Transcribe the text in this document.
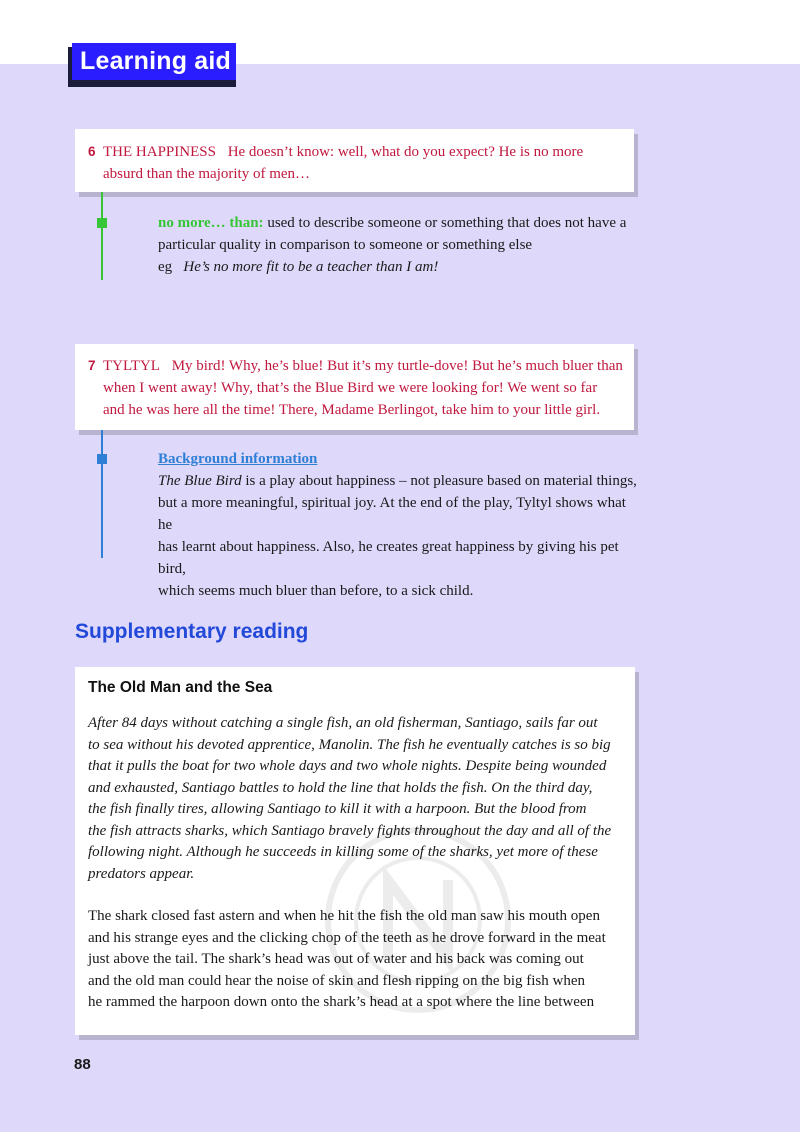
Learning aid
6 THE HAPPINESS He doesn’t know: well, what do you expect? He is no more
absurd than the majority of men…
no more… than: used to describe someone or something that does not have a
particular quality in comparison to someone or something else
eg He’s no more fit to be a teacher than I am!
7 TYLTYL My bird! Why, he’s blue! But it’s my turtle-dove! But he’s much bluer than
when I went away! Why, that’s the Blue Bird we were looking for! We went so far
and he was here all the time! There, Madame Berlingot, take him to your little girl.
Background information
The Blue Bird is a play about happiness – not pleasure based on material things,
but a more meaningful, spiritual joy. At the end of the play, Tyltyl shows what he
has learnt about happiness. Also, he creates great happiness by giving his pet bird,
which seems much bluer than before, to a sick child.
Supplementary reading
The Old Man and the Sea
After 84 days without catching a single fish, an old fisherman, Santiago, sails far out
to sea without his devoted apprentice, Manolin. The fish he eventually catches is so big
that it pulls the boat for two whole days and two whole nights. Despite being wounded
and exhausted, Santiago battles to hold the line that holds the fish. On the third day,
the fish finally tires, allowing Santiago to kill it with a harpoon. But the blood from
the fish attracts sharks, which Santiago bravely fights throughout the day and all of the
following night. Although he succeeds in killing some of the sharks, yet more of these
predators appear.
The shark closed fast astern and when he hit the fish the old man saw his mouth open
and his strange eyes and the clicking chop of the teeth as he drove forward in the meat
just above the tail. The shark’s head was out of water and his back was coming out
and the old man could hear the noise of skin and flesh ripping on the big fish when
he rammed the harpoon down onto the shark’s head at a spot where the line between
88
